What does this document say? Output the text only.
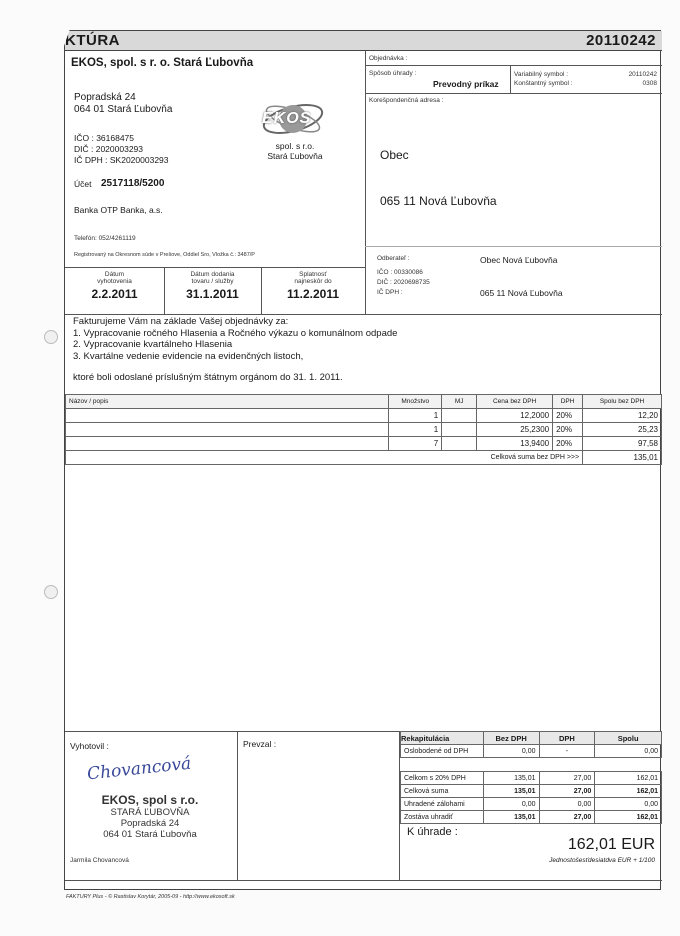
KTÚRA	20110242
EKOS, spol. s r. o. Stará Ľubovňa
Popradská 24
064 01 Stará Ľubovňa
IČO : 36168475
DIČ : 2020003293
IČ DPH : SK2020003293
Účet 2517118/5200
Banka OTP Banka, a.s.
Telefón: 052/4261119
Registrovaný na Okresnom súde v Prešove, Oddiel Sro, Vložka č.: 3487/P
EKOS
spol. s r.o.
Stará Ľubovňa
Objednávka :
Spôsob úhrady :
Prevodný príkaz
Variabilný symbol :	20110242
Konštantný symbol :	0308
Korešpondenčná adresa :
Obec
065 11 Nová Ľubovňa
Odberateľ :	Obec Nová Ľubovňa
IČO : 00330086
DIČ : 2020698735
IČ DPH :	065 11 Nová Ľubovňa
Dátum
vyhotovenia
2.2.2011
Dátum dodania
tovaru / služby
31.1.2011
Splatnosť
najneskôr do
11.2.2011
Fakturujeme Vám na základe Vašej objednávky za:
1. Vypracovanie ročného Hlasenia a Ročného výkazu o komunálnom odpade
2. Vypracovanie kvartálneho Hlasenia
3. Kvartálne vedenie evidencie na evidenčných listoch,
ktoré boli odoslané príslušným štátnym orgánom do 31. 1. 2011.
Názov / popis	Množstvo	MJ	Cena bez DPH	DPH	Spolu bez DPH
	1		12,2000	20%	12,20
	1		25,2300	20%	25,23
	7		13,9400	20%	97,58
Celková suma bez DPH >>>					135,01
Vyhotovil :
Chovancová
EKOS, spol s r.o.
STARÁ ĽUBOVŇA
Popradská 24
064 01 Stará Ľubovňa
Jarmila Chovancová
Prevzal :
Rekapitulácia	Bez DPH	DPH	Spolu
Oslobodené od DPH	0,00	-	0,00

Celkom s 20% DPH	135,01	27,00	162,01
Celková suma	135,01	27,00	162,01
Uhradené zálohami	0,00	0,00	0,00
Zostáva uhradiť	135,01	27,00	162,01
K úhrade :
162,01 EUR
Jednostošesťdesiatdva EUR + 1/100
FAKTURY Plus - © Rastislav Korytár, 2005-09 - http://www.ekosoft.sk
